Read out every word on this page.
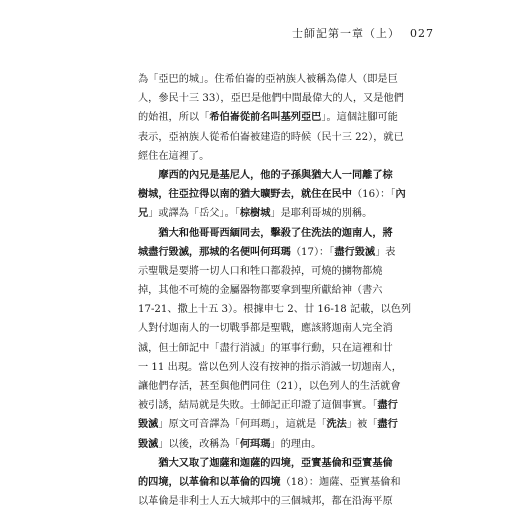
士師記第一章（上） 027
為「亞巴的城」。住希伯崙的亞衲族人被稱為偉人（即是巨
人，參民十三 33），亞巴是他們中間最偉大的人，又是他們
的始祖，所以「希伯崙從前名叫基列亞巴」。這個註腳可能
表示，亞衲族人從希伯崙被建造的時候（民十三 22），就已
經住在這裡了。
摩西的內兄是基尼人，他的子孫與猶大人一同離了棕
樹城，往亞拉得以南的猶大曠野去，就住在民中（16）：「內
兄」或譯為「岳父」。「棕樹城」是耶利哥城的別稱。
猶大和他哥哥西緬同去，擊殺了住洗法的迦南人，將
城盡行毀滅，那城的名便叫何珥瑪（17）：「盡行毀滅」表
示聖戰是要將一切人口和牲口都殺掉，可燒的擄物都燒
掉，其他不可燒的金屬器物都要拿到聖所獻給神（書六
17-21、撒上十五 3）。根據申七 2、廿 16-18 記載，以色列
人對付迦南人的一切戰爭都是聖戰，應該將迦南人完全消
滅，但士師記中「盡行消滅」的軍事行動，只在這裡和廿
一 11 出現。當以色列人沒有按神的指示消滅一切迦南人，
讓他們存活，甚至與他們同住（21），以色列人的生活就會
被引誘，結局就是失敗。士師記正印證了這個事實。「盡行
毀滅」原文可音譯為「何珥瑪」，這就是「洗法」被「盡行
毀滅」以後，改稱為「何珥瑪」的理由。
猶大又取了迦薩和迦薩的四境，亞實基倫和亞實基倫
的四境，以革倫和以革倫的四境（18）：迦薩、亞實基倫和
以革倫是非利士人五大城邦中的三個城邦，都在沿海平原
